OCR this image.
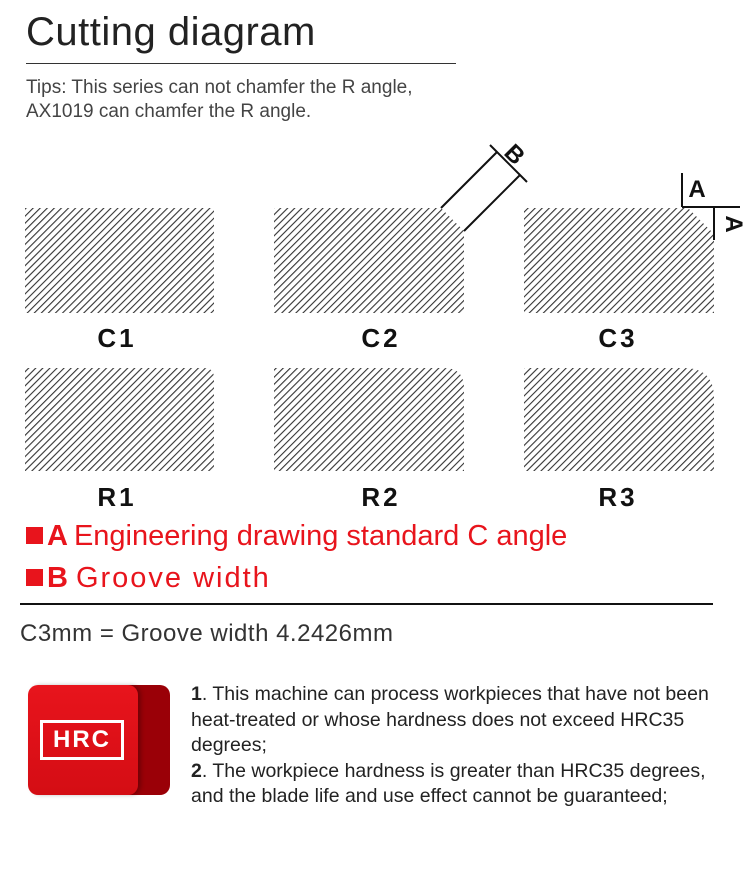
Cutting diagram

Tips: This series can not chamfer the R angle,
AX1019 can chamfer the R angle.

B
A
A
C1	C2	C3
R1	R2	R3
A Engineering drawing standard C angle
B Groove width
C3mm = Groove width 4.2426mm
HRC

1. This machine can process workpieces that have not been heat-treated or whose hardness does not exceed HRC35 degrees;

2. The workpiece hardness is greater than HRC35 degrees, and the blade life and use effect cannot be guaranteed;
